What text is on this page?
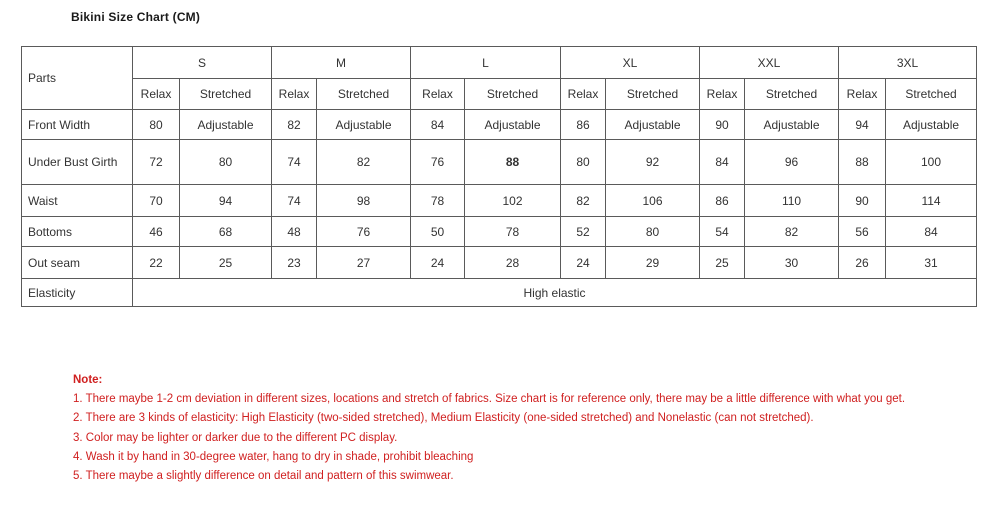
Bikini Size Chart (CM)
Parts	S		M		L		XL		XXL		3XL	
	Relax	Stretched	Relax	Stretched	Relax	Stretched	Relax	Stretched	Relax	Stretched	Relax	Stretched
Front Width	80	Adjustable	82	Adjustable	84	Adjustable	86	Adjustable	90	Adjustable	94	Adjustable
Under Bust Girth	72	80	74	82	76	88	80	92	84	96	88	100
Waist	70	94	74	98	78	102	82	106	86	110	90	114
Bottoms	46	68	48	76	50	78	52	80	54	82	56	84
Out seam	22	25	23	27	24	28	24	29	25	30	26	31
Elasticity	High elastic											

Note:

1. There maybe 1-2 cm deviation in different sizes, locations and stretch of fabrics. Size chart is for reference only, there may be a little difference with what you get.

2. There are 3 kinds of elasticity: High Elasticity (two-sided stretched), Medium Elasticity (one-sided stretched) and Nonelastic (can not stretched).

3. Color may be lighter or darker due to the different PC display.

4. Wash it by hand in 30-degree water, hang to dry in shade, prohibit bleaching

5. There maybe a slightly difference on detail and pattern of this swimwear.
